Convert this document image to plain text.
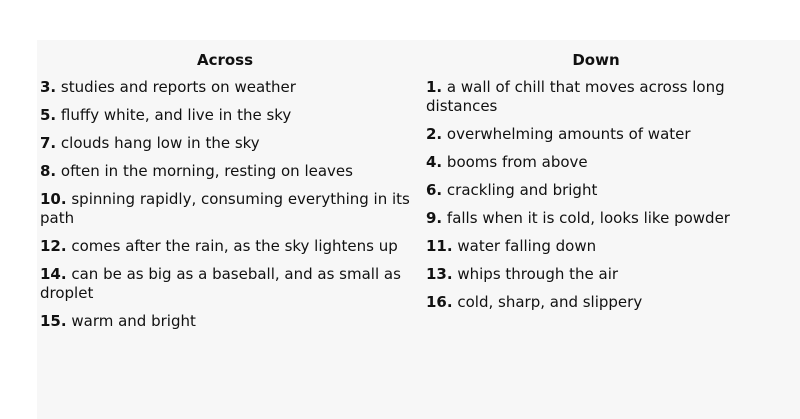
Across
3. studies and reports on weather
5. fluffy white, and live in the sky
7. clouds hang low in the sky
8. often in the morning, resting on leaves
10. spinning rapidly, consuming everything in its path
12. comes after the rain, as the sky lightens up
14. can be as big as a baseball, and as small as droplet
15. warm and bright
Down
1. a wall of chill that moves across long distances
2. overwhelming amounts of water
4. booms from above
6. crackling and bright
9. falls when it is cold, looks like powder
11. water falling down
13. whips through the air
16. cold, sharp, and slippery
